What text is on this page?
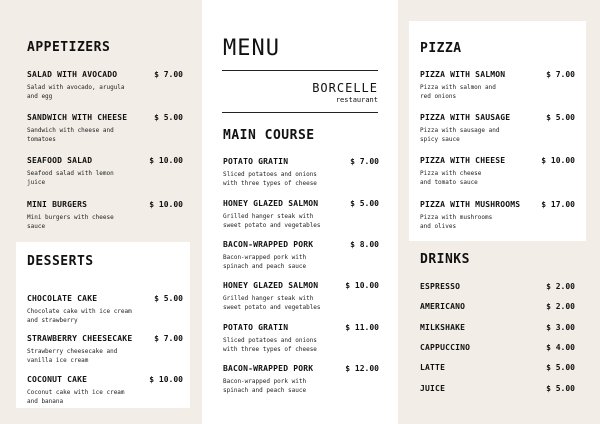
APPETIZERS
SALAD WITH AVOCADO	$ 7.00
Salad with avocado, arugula
and egg
SANDWICH WITH CHEESE	$ 5.00
Sandwich with cheese and
tomatoes
SEAFOOD SALAD	$ 10.00
Seafood salad with lemon
juice
MINI BURGERS	$ 10.00
Mini burgers with cheese
sauce
DESSERTS
CHOCOLATE CAKE	$ 5.00
Chocolate cake with ice cream
and strawberry
STRAWBERRY CHEESECAKE	$ 7.00
Strawberry cheesecake and
vanilla ice cream
COCONUT CAKE	$ 10.00
Coconut cake with ice cream
and banana
MENU
BORCELLE
restaurant
MAIN COURSE
POTATO GRATIN	$ 7.00
Sliced potatoes and onions
with three types of cheese
HONEY GLAZED SALMON	$ 5.00
Grilled hanger steak with
sweet potato and vegetables
BACON-WRAPPED PORK	$ 8.00
Bacon-wrapped pork with
spinach and peach sauce
HONEY GLAZED SALMON	$ 10.00
Grilled hanger steak with
sweet potato and vegetables
POTATO GRATIN	$ 11.00
Sliced potatoes and onions
with three types of cheese
BACON-WRAPPED PORK	$ 12.00
Bacon-wrapped pork with
spinach and peach sauce
PIZZA
PIZZA WITH SALMON	$ 7.00
Pizza with salmon and
red onions
PIZZA WITH SAUSAGE	$ 5.00
Pizza with sausage and
spicy sauce
PIZZA WITH CHEESE	$ 10.00
Pizza with cheese
and tomato sauce
PIZZA WITH MUSHROOMS	$ 17.00
Pizza with mushrooms
and olives
DRINKS
ESPRESSO	$ 2.00
AMERICANO	$ 2.00
MILKSHAKE	$ 3.00
CAPPUCCINO	$ 4.00
LATTE	$ 5.00
JUICE	$ 5.00
